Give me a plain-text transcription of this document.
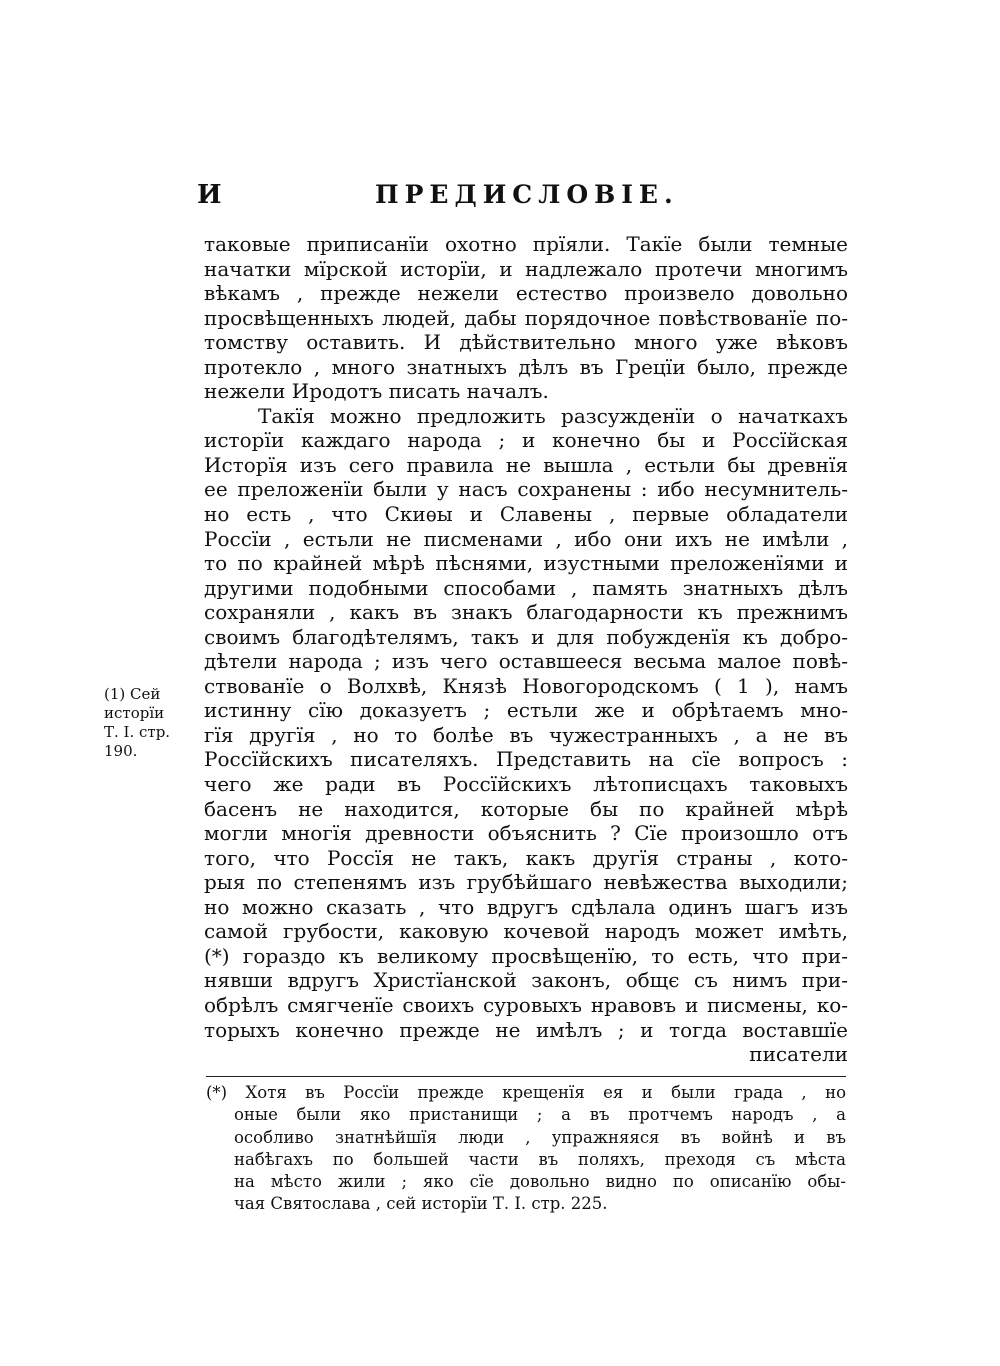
И	ПРЕДИСЛОВІЕ.
таковые приписанїи охотно прїяли. Такїе были темные
начатки мїрской исторїи, и надлежало протечи многимъ
вѣкамъ , прежде нежели естество произвело довольно
просвѣщенныхъ людей, дабы порядочное повѣствованїе по-
томству оставить. И дѣйствительно много уже вѣковъ
протекло , много знатныхъ дѣлъ въ Грецїи было, прежде
нежели Иродотъ писать началъ.
Такїя можно предложить разсужденїи о начаткахъ
исторїи каждаго народа ; и конечно бы и Россїйская
Исторїя изъ сего правила не вышла , естьли бы древнїя
ее преложенїи были у насъ сохранены : ибо несумнитель-
но есть , что Скиѳы и Славены , первые обладатели
Россїи , естьли не писменами , ибо они ихъ не имѣли ,
то по крайней мѣрѣ пѣснями, изустными преложенїями и
другими подобными способами , память знатныхъ дѣлъ
сохраняли , какъ въ знакъ благодарности къ прежнимъ
своимъ благодѣтелямъ, такъ и для побужденїя къ добро-
дѣтели народа ; изъ чего оставшееся весьма малое повѣ-
ствованїе о Волхвѣ, Князѣ Новогородскомъ ( 1 ), намъ
истинну сїю доказуетъ ; естьли же и обрѣтаемъ мно-
гїя другїя , но то болѣе въ чужестранныхъ , а не въ
Россїйскихъ писателяхъ. Представить на сїе вопросъ :
чего же ради въ Россїйскихъ лѣтописцахъ таковыхъ
басенъ не находится, которые бы по крайней мѣрѣ
могли многїя древности объяснить ? Сїе произошло отъ
того, что Россїя не такъ, какъ другїя страны , кото-
рыя по степенямъ изъ грубѣйшаго невѣжества выходили;
но можно сказать , что вдругъ сдѣлала одинъ шагъ изъ
самой грубости, каковую кочевой народъ может имѣть,
(*) гораздо къ великому просвѣщенїю, то есть, что при-
нявши вдругъ Христїанской законъ, общє съ нимъ при-
обрѣлъ смягченїе своихъ суровыхъ нравовъ и писмены, ко-
торыхъ конечно прежде не имѣлъ ; и тогда воставшїе
писатели
(1) Сей
исторїи
Т. I. стр.
190.
(*) Хотя въ Россїи прежде крещенїя ея и были града , но
оные были яко пристанищи ; а въ протчемъ народъ , а
особливо знатнѣйшїя люди , упражняяся въ войнѣ и въ
набѣгахъ по большей части въ поляхъ, преходя съ мѣста
на мѣсто жили ; яко сїе довольно видно по описанїю обы-
чая Святослава , сей исторїи Т. I. стр. 225.
